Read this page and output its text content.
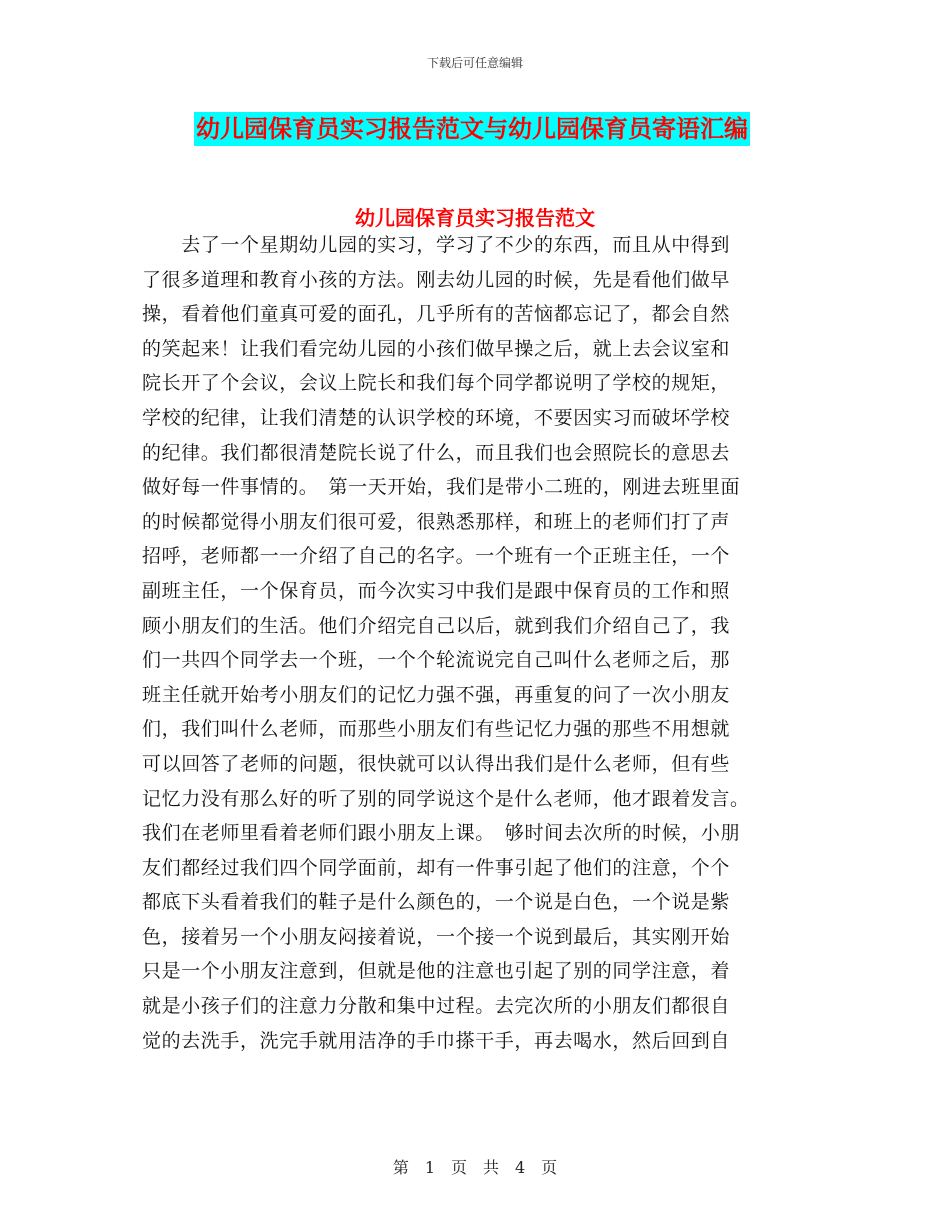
下载后可任意编辑
幼儿园保育员实习报告范文与幼儿园保育员寄语汇编
幼儿园保育员实习报告范文
　　去了一个星期幼儿园的实习，学习了不少的东西，而且从中得到
了很多道理和教育小孩的方法。刚去幼儿园的时候，先是看他们做早
操，看着他们童真可爱的面孔，几乎所有的苦恼都忘记了，都会自然
的笑起来！让我们看完幼儿园的小孩们做早操之后，就上去会议室和
院长开了个会议，会议上院长和我们每个同学都说明了学校的规矩，
学校的纪律，让我们清楚的认识学校的环境，不要因实习而破坏学校
的纪律。我们都很清楚院长说了什么，而且我们也会照院长的意思去
做好每一件事情的。　第一天开始，我们是带小二班的，刚进去班里面
的时候都觉得小朋友们很可爱，很熟悉那样，和班上的老师们打了声
招呼，老师都一一介绍了自己的名字。一个班有一个正班主任，一个
副班主任，一个保育员，而今次实习中我们是跟中保育员的工作和照
顾小朋友们的生活。他们介绍完自己以后，就到我们介绍自己了，我
们一共四个同学去一个班，一个个轮流说完自己叫什么老师之后，那
班主任就开始考小朋友们的记忆力强不强，再重复的问了一次小朋友
们，我们叫什么老师，而那些小朋友们有些记忆力强的那些不用想就
可以回答了老师的问题，很快就可以认得出我们是什么老师，但有些
记忆力没有那么好的听了别的同学说这个是什么老师，他才跟着发言。
我们在老师里看着老师们跟小朋友上课。　够时间去次所的时候，小朋
友们都经过我们四个同学面前，却有一件事引起了他们的注意，个个
都底下头看着我们的鞋子是什么颜色的，一个说是白色，一个说是紫
色，接着另一个小朋友闷接着说，一个接一个说到最后，其实刚开始
只是一个小朋友注意到，但就是他的注意也引起了别的同学注意，着
就是小孩子们的注意力分散和集中过程。去完次所的小朋友们都很自
觉的去洗手，洗完手就用洁净的手巾搽干手，再去喝水，然后回到自
第　1　页　共　4　页
